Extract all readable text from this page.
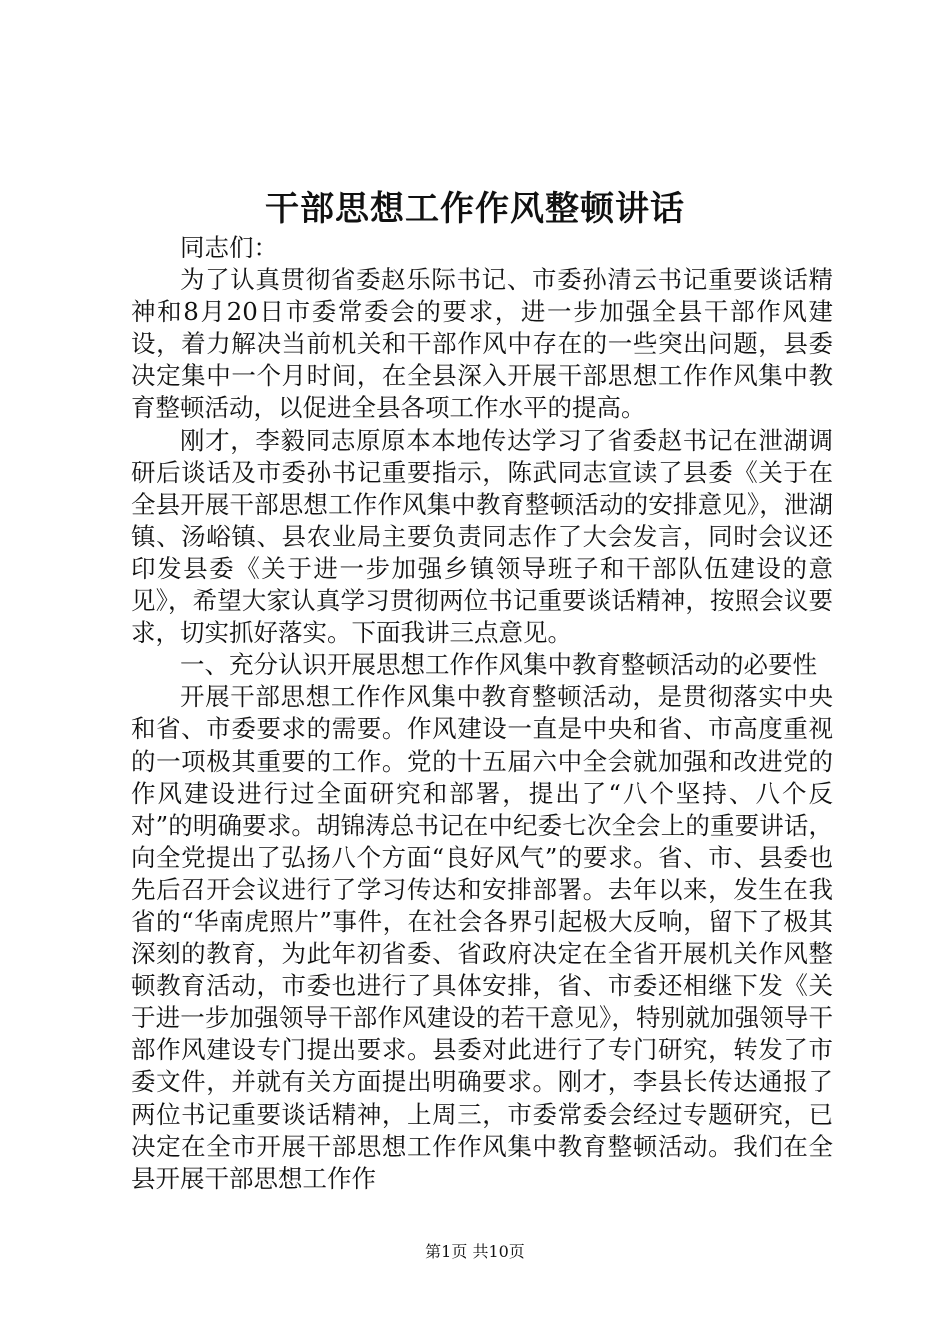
干部思想工作作风整顿讲话

同志们：

为了认真贯彻省委赵乐际书记、市委孙清云书记重要谈话精神和8月20日市委常委会的要求，进一步加强全县干部作风建设，着力解决当前机关和干部作风中存在的一些突出问题，县委决定集中一个月时间，在全县深入开展干部思想工作作风集中教育整顿活动，以促进全县各项工作水平的提高。

刚才，李毅同志原原本本地传达学习了省委赵书记在泄湖调研后谈话及市委孙书记重要指示，陈武同志宣读了县委《关于在全县开展干部思想工作作风集中教育整顿活动的安排意见》，泄湖镇、汤峪镇、县农业局主要负责同志作了大会发言，同时会议还印发县委《关于进一步加强乡镇领导班子和干部队伍建设的意见》，希望大家认真学习贯彻两位书记重要谈话精神，按照会议要求，切实抓好落实。下面我讲三点意见。

一、充分认识开展思想工作作风集中教育整顿活动的必要性

开展干部思想工作作风集中教育整顿活动，是贯彻落实中央和省、市委要求的需要。作风建设一直是中央和省、市高度重视的一项极其重要的工作。党的十五届六中全会就加强和改进党的作风建设进行过全面研究和部署，提出了“八个坚持、八个反对”的明确要求。胡锦涛总书记在中纪委七次全会上的重要讲话，向全党提出了弘扬八个方面“良好风气”的要求。省、市、县委也先后召开会议进行了学习传达和安排部署。去年以来，发生在我省的“华南虎照片”事件，在社会各界引起极大反响，留下了极其深刻的教育，为此年初省委、省政府决定在全省开展机关作风整顿教育活动，市委也进行了具体安排，省、市委还相继下发《关于进一步加强领导干部作风建设的若干意见》，特别就加强领导干部作风建设专门提出要求。县委对此进行了专门研究，转发了市委文件，并就有关方面提出明确要求。刚才，李县长传达通报了两位书记重要谈话精神，上周三，市委常委会经过专题研究，已决定在全市开展干部思想工作作风集中教育整顿活动。我们在全县开展干部思想工作作

第1页 共10页
